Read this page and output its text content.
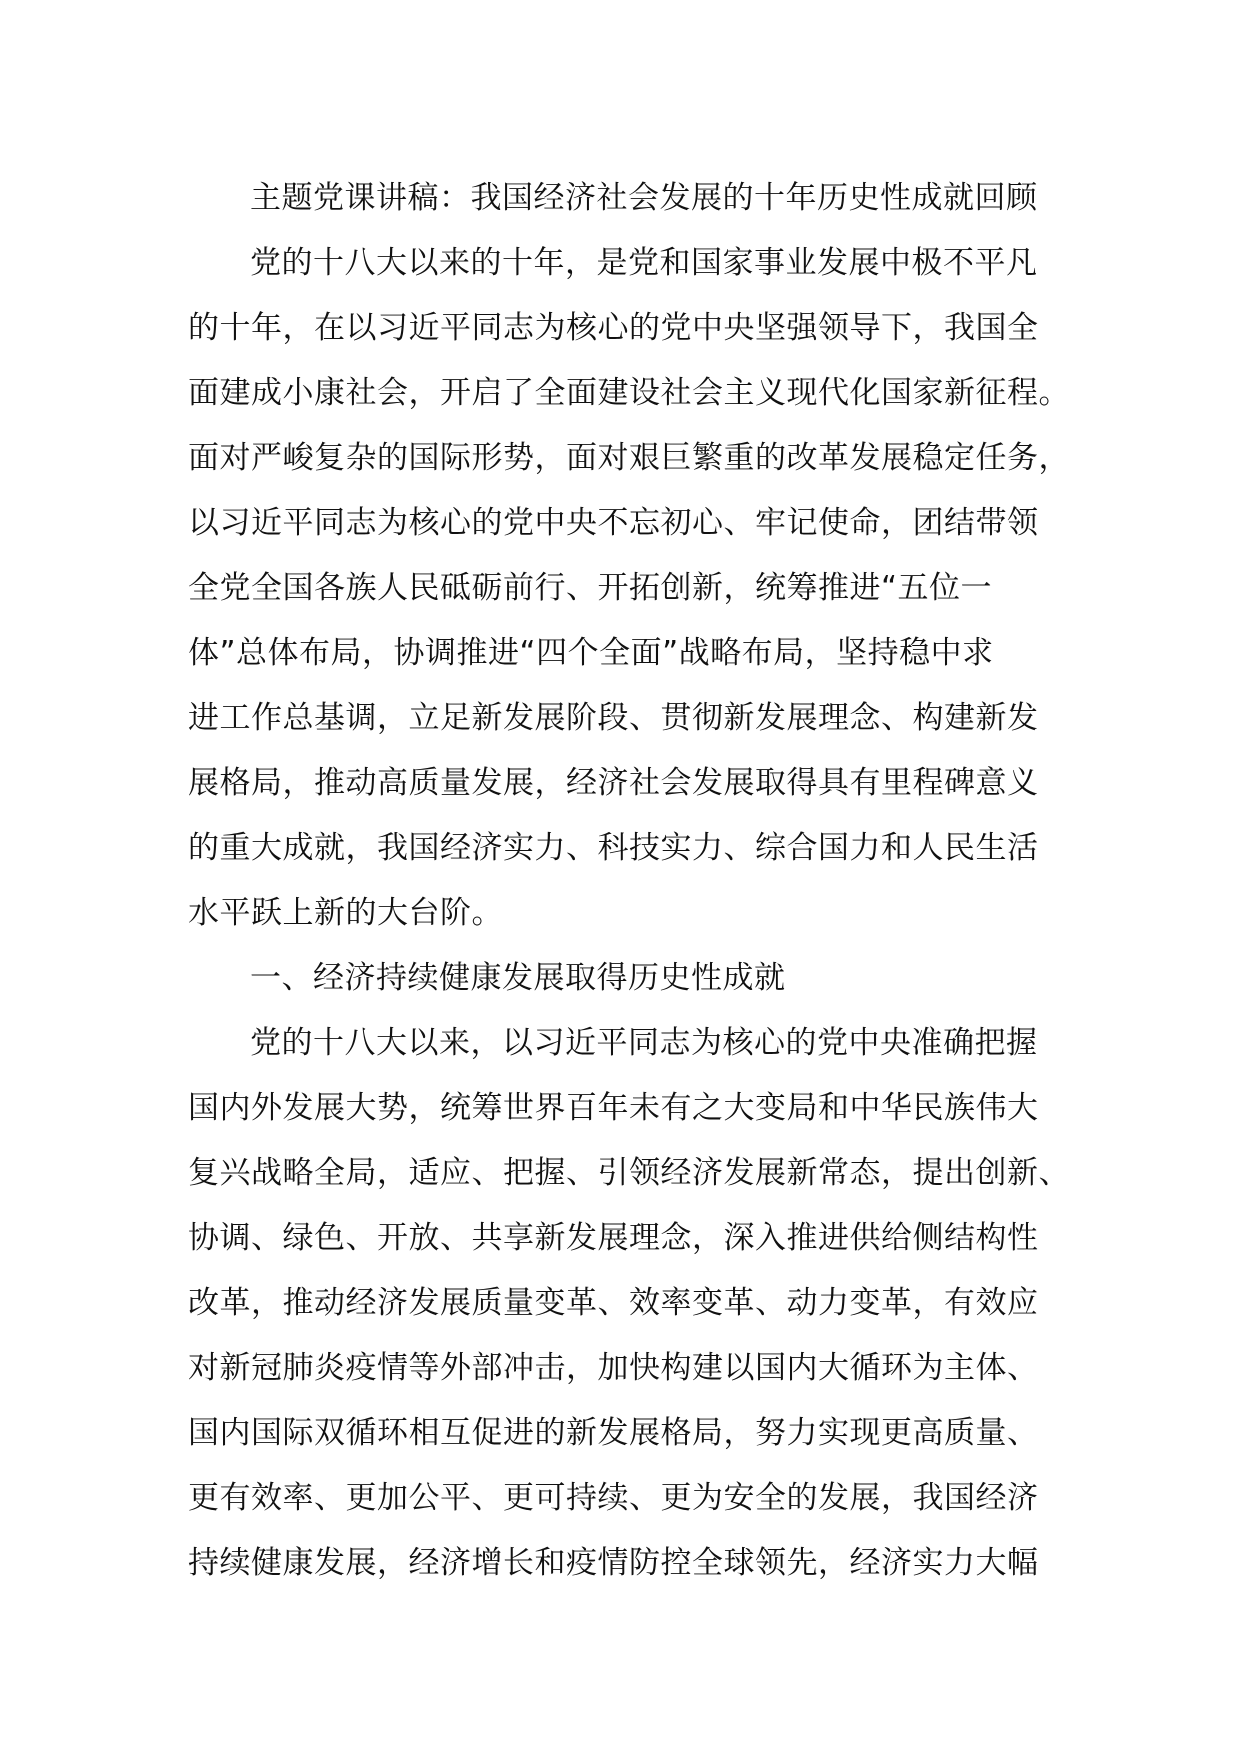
主题党课讲稿：我国经济社会发展的十年历史性成就回顾
党的十八大以来的十年，是党和国家事业发展中极不平凡
的十年，在以习近平同志为核心的党中央坚强领导下，我国全
面建成小康社会，开启了全面建设社会主义现代化国家新征程。
面对严峻复杂的国际形势，面对艰巨繁重的改革发展稳定任务，
以习近平同志为核心的党中央不忘初心、牢记使命，团结带领
全党全国各族人民砥砺前行、开拓创新，统筹推进“五位一
体”总体布局，协调推进“四个全面”战略布局，坚持稳中求
进工作总基调，立足新发展阶段、贯彻新发展理念、构建新发
展格局，推动高质量发展，经济社会发展取得具有里程碑意义
的重大成就，我国经济实力、科技实力、综合国力和人民生活
水平跃上新的大台阶。
一、经济持续健康发展取得历史性成就
党的十八大以来，以习近平同志为核心的党中央准确把握
国内外发展大势，统筹世界百年未有之大变局和中华民族伟大
复兴战略全局，适应、把握、引领经济发展新常态，提出创新、
协调、绿色、开放、共享新发展理念，深入推进供给侧结构性
改革，推动经济发展质量变革、效率变革、动力变革，有效应
对新冠肺炎疫情等外部冲击，加快构建以国内大循环为主体、
国内国际双循环相互促进的新发展格局，努力实现更高质量、
更有效率、更加公平、更可持续、更为安全的发展，我国经济
持续健康发展，经济增长和疫情防控全球领先，经济实力大幅
